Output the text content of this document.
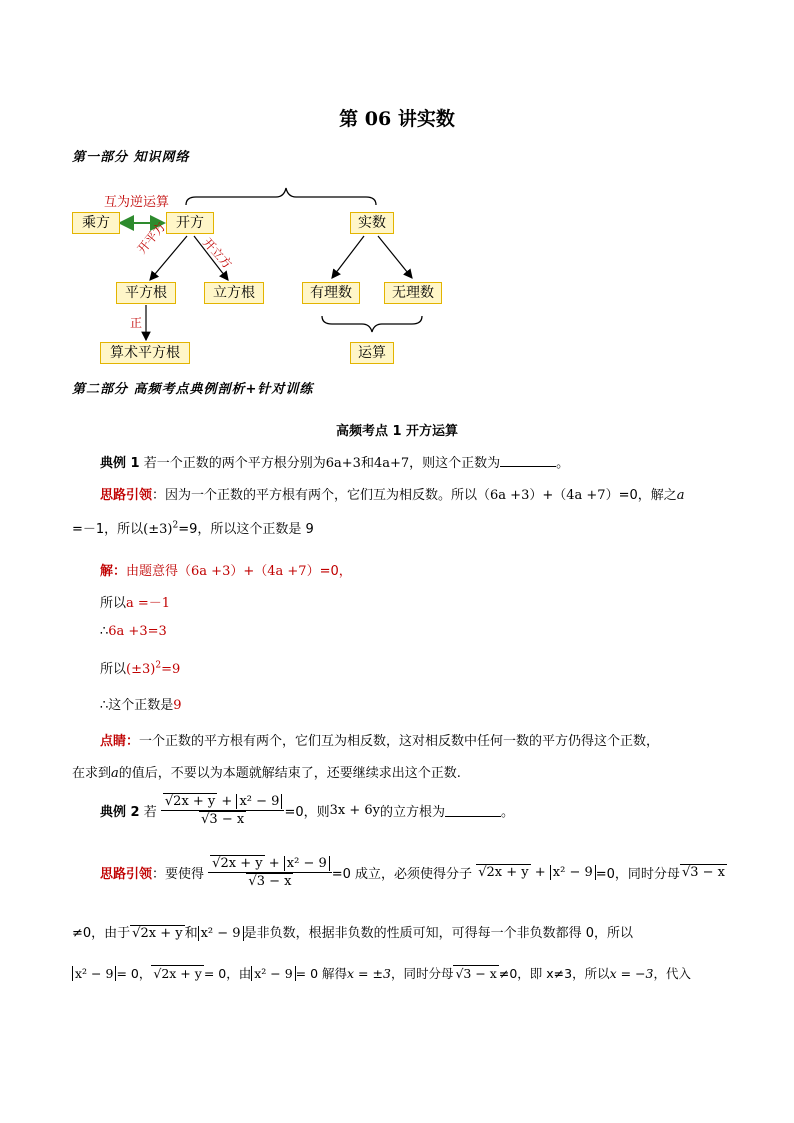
第 06 讲实数
第一部分 知识网络
互为逆运算
乘方	开方	实数
开平方	开立方
平方根	立方根	有理数	无理数
正
算术平方根	运算
第二部分 高频考点典例剖析+针对训练
高频考点 1 开方运算
典例 1 若一个正数的两个平方根分别为6a+3和4a+7，则这个正数为	。
思路引领：因为一个正数的平方根有两个，它们互为相反数。所以（6a +3）+（4a +7）=0，解之a
=－1，所以$(\pm 3)^2=9$，所以这个正数是 9
解：由题意得（6a +3）+（4a +7）=0，
所以a =－1
∴6a +3=3
所以$(\pm 3)^2=9$
∴这个正数是9
点睛：一个正数的平方根有两个，它们互为相反数，这对相反数中任何一数的平方仍得这个正数，
在求到a的值后，不要以为本题就解结束了，还要继续求出这个正数.
典例 2 若 $\frac{\text{√2x + y + x² − 9}}{√3 - x} =0$，则3x + 6y的立方根为	。
思路引领：要使得 $\frac{\text{√2x + y + x² − 9}}{√3 - x} =0$ 成立，必须使得分子 √2x + y + x² − 9 =0，同时分母 √3 − x
≠0，由于 √2x + y 和 x² − 9 是非负数，根据非负数的性质可知，可得每一个非负数都得 0，所以
x² − 9 = 0， √2x + y = 0，由 x² − 9 = 0 解得x = ±3，同时分母 √3 − x ≠0，即 x≠3，所以x = −3，代入
